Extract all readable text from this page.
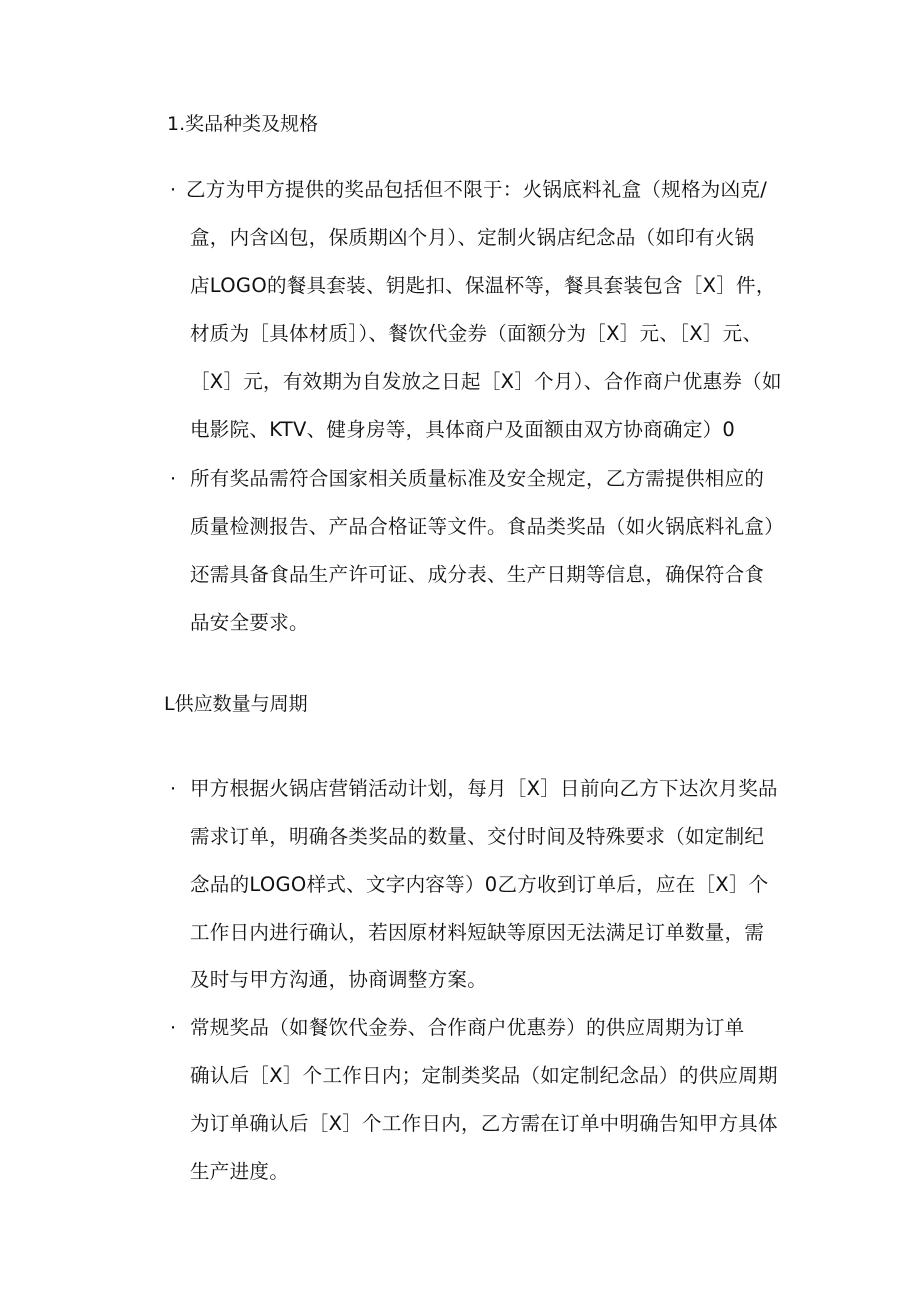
1.奖品种类及规格
· 乙方为甲方提供的奖品包括但不限于：火锅底料礼盒（规格为凶克/
盒，内含凶包，保质期凶个月）、定制火锅店纪念品（如印有火锅
店LOGO的餐具套装、钥匙扣、保温杯等，餐具套装包含［X］件，
材质为［具体材质］）、餐饮代金券（面额分为［X］元、［X］元、
［X］元，有效期为自发放之日起［X］个月）、合作商户优惠券（如
电影院、KTV、健身房等，具体商户及面额由双方协商确定）0
· 所有奖品需符合国家相关质量标准及安全规定，乙方需提供相应的
质量检测报告、产品合格证等文件。食品类奖品（如火锅底料礼盒）
还需具备食品生产许可证、成分表、生产日期等信息，确保符合食
品安全要求。
L供应数量与周期
· 甲方根据火锅店营销活动计划，每月［X］日前向乙方下达次月奖品
需求订单，明确各类奖品的数量、交付时间及特殊要求（如定制纪
念品的LOGO样式、文字内容等）0乙方收到订单后，应在［X］个
工作日内进行确认，若因原材料短缺等原因无法满足订单数量，需
及时与甲方沟通，协商调整方案。
· 常规奖品（如餐饮代金券、合作商户优惠券）的供应周期为订单
确认后［X］个工作日内；定制类奖品（如定制纪念品）的供应周期
为订单确认后［X］个工作日内，乙方需在订单中明确告知甲方具体
生产进度。
